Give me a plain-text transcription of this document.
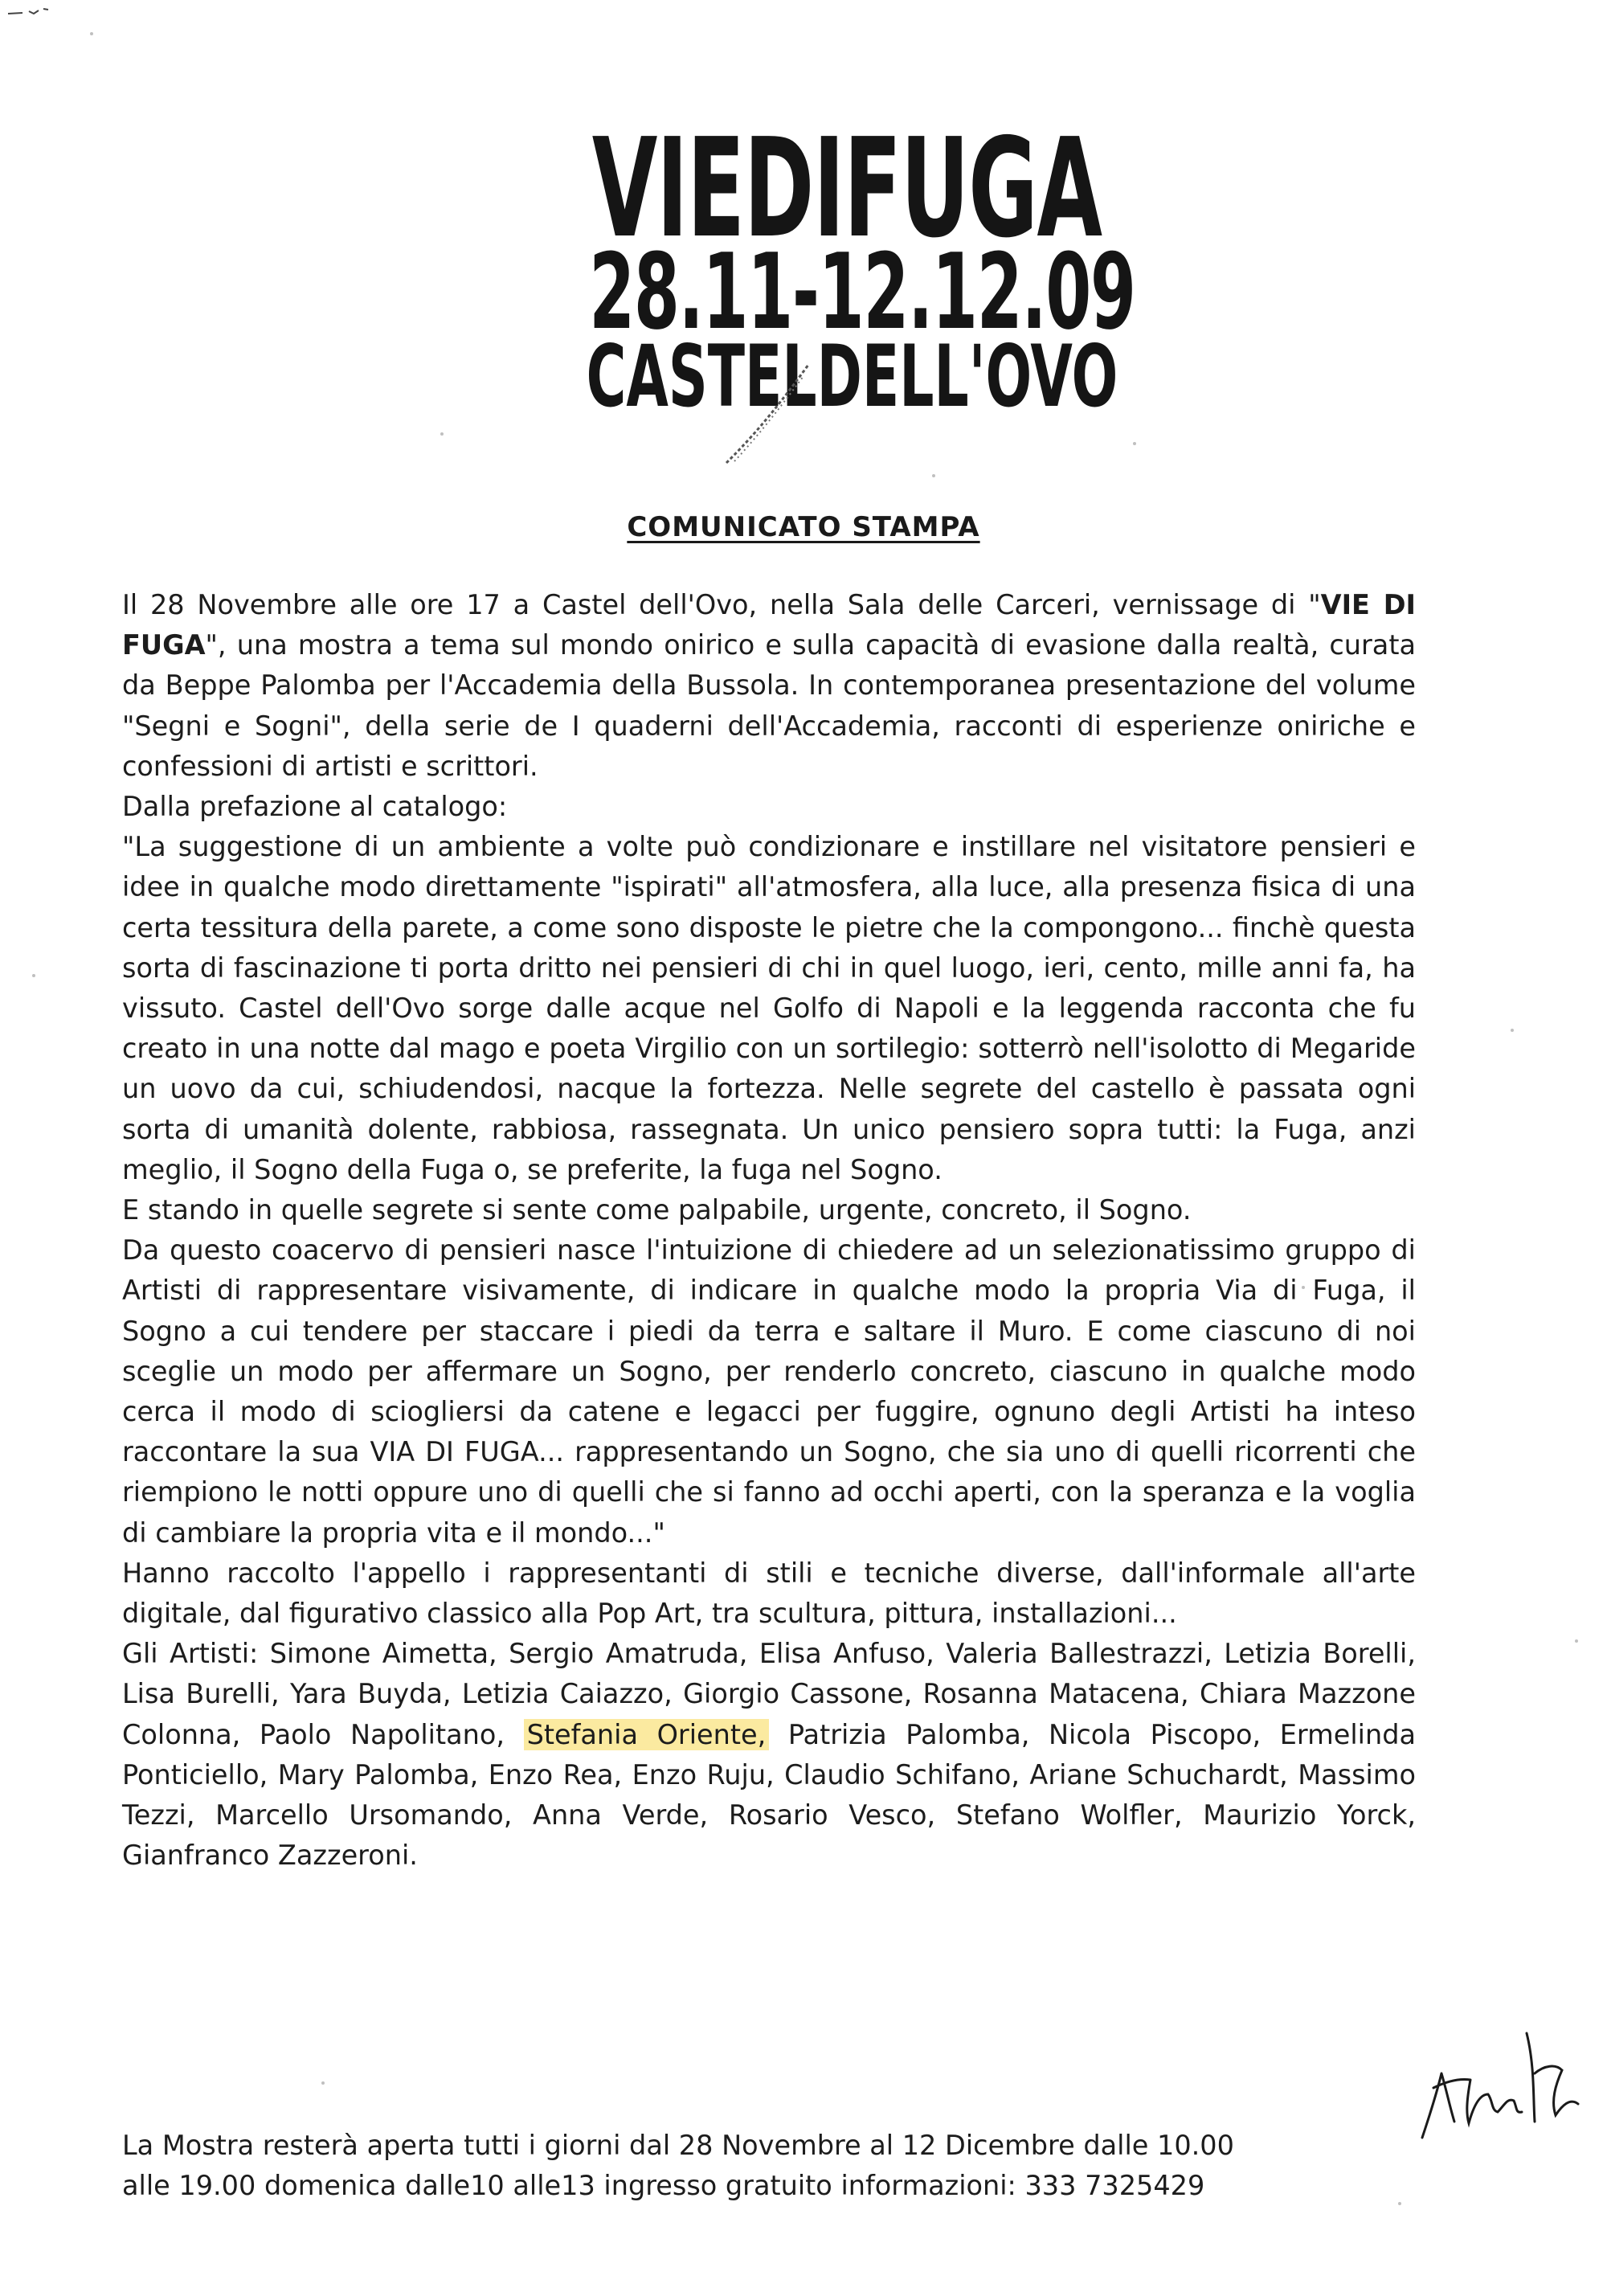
VIEDIFUGA
28.11-12.12.09
CASTELDELL'OVO
COMUNICATO STAMPA

Il 28 Novembre alle ore 17 a Castel dell'Ovo, nella Sala delle Carceri, vernissage di "VIE DI FUGA", una mostra a tema sul mondo onirico e sulla capacità di evasione dalla realtà, curata da Beppe Palomba per l'Accademia della Bussola. In contemporanea presentazione del volume "Segni e Sogni", della serie de I quaderni dell'Accademia, racconti di esperienze oniriche e confessioni di artisti e scrittori.

Dalla prefazione al catalogo:

"La suggestione di un ambiente a volte può condizionare e instillare nel visitatore pensieri e idee in qualche modo direttamente "ispirati" all'atmosfera, alla luce, alla presenza fisica di una certa tessitura della parete, a come sono disposte le pietre che la compongono... finchè questa sorta di fascinazione ti porta dritto nei pensieri di chi in quel luogo, ieri, cento, mille anni fa, ha vissuto. Castel dell'Ovo sorge dalle acque nel Golfo di Napoli e la leggenda racconta che fu creato in una notte dal mago e poeta Virgilio con un sortilegio: sotterrò nell'isolotto di Megaride un uovo da cui, schiudendosi, nacque la fortezza. Nelle segrete del castello è passata ogni sorta di umanità dolente, rabbiosa, rassegnata. Un unico pensiero sopra tutti: la Fuga, anzi meglio, il Sogno della Fuga o, se preferite, la fuga nel Sogno.

E stando in quelle segrete si sente come palpabile, urgente, concreto, il Sogno.

Da questo coacervo di pensieri nasce l'intuizione di chiedere ad un selezionatissimo gruppo di Artisti di rappresentare visivamente, di indicare in qualche modo la propria Via di Fuga, il Sogno a cui tendere per staccare i piedi da terra e saltare il Muro. E come ciascuno di noi sceglie un modo per affermare un Sogno, per renderlo concreto, ciascuno in qualche modo cerca il modo di sciogliersi da catene e legacci per fuggire, ognuno degli Artisti ha inteso raccontare la sua VIA DI FUGA... rappresentando un Sogno, che sia uno di quelli ricorrenti che riempiono le notti oppure uno di quelli che si fanno ad occhi aperti, con la speranza e la voglia di cambiare la propria vita e il mondo..."

Hanno raccolto l'appello i rappresentanti di stili e tecniche diverse, dall'informale all'arte digitale, dal figurativo classico alla Pop Art, tra scultura, pittura, installazioni...

Gli Artisti: Simone Aimetta, Sergio Amatruda, Elisa Anfuso, Valeria Ballestrazzi, Letizia Borelli, Lisa Burelli, Yara Buyda, Letizia Caiazzo, Giorgio Cassone, Rosanna Matacena, Chiara Mazzone Colonna, Paolo Napolitano, Stefania Oriente, Patrizia Palomba, Nicola Piscopo, Ermelinda Ponticiello, Mary Palomba, Enzo Rea, Enzo Ruju, Claudio Schifano, Ariane Schuchardt, Massimo Tezzi, Marcello Ursomando, Anna Verde, Rosario Vesco, Stefano Wolfler, Maurizio Yorck, Gianfranco Zazzeroni.

La Mostra resterà aperta tutti i giorni dal 28 Novembre al 12 Dicembre dalle 10.00

alle 19.00 domenica dalle10 alle13 ingresso gratuito informazioni: 333 7325429
